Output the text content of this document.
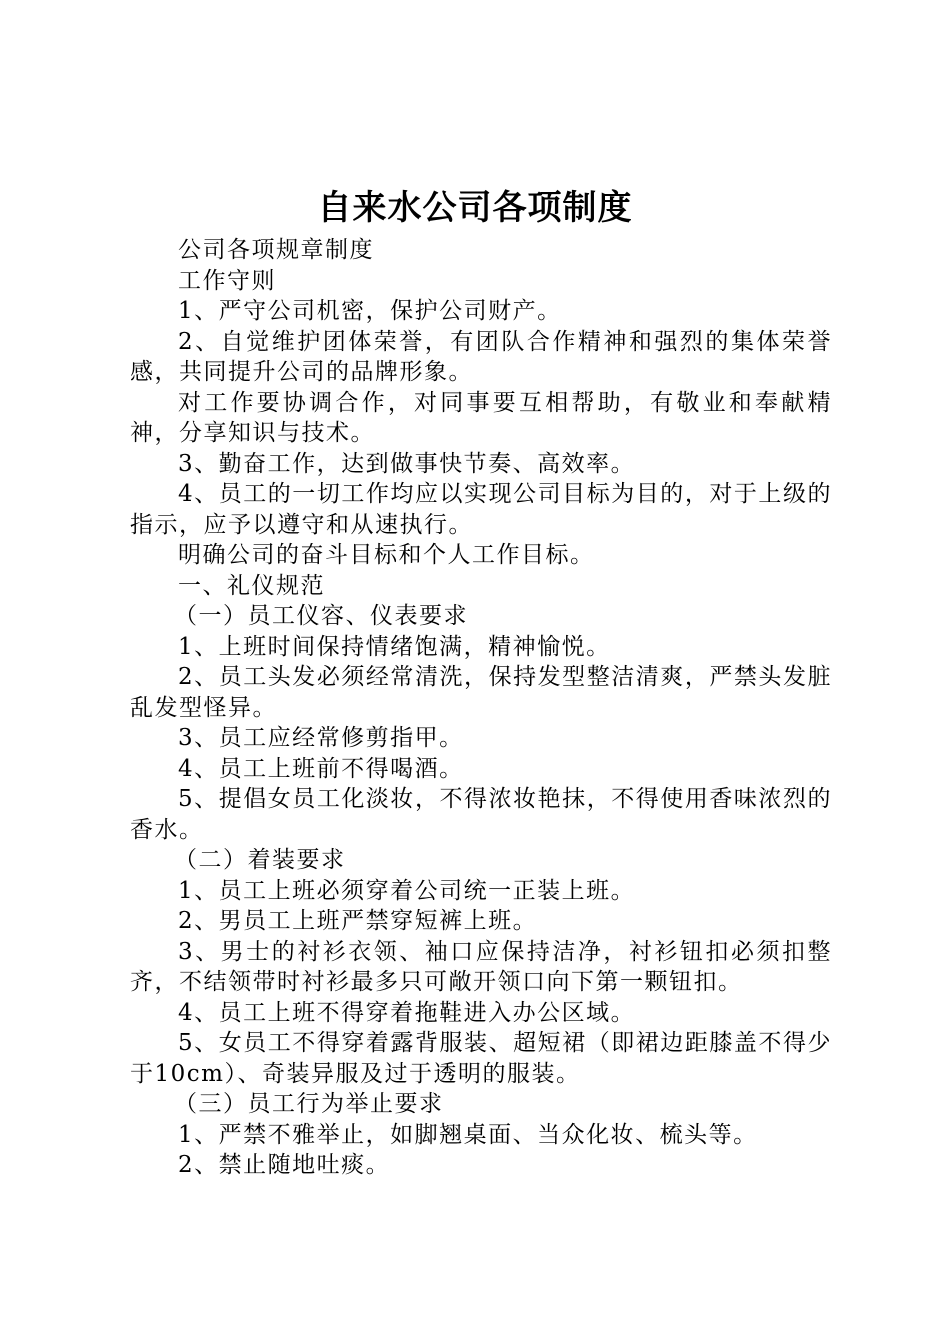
自来水公司各项制度

公司各项规章制度

工作守则

1、严守公司机密，保护公司财产。

2、自觉维护团体荣誉，有团队合作精神和强烈的集体荣誉感，共同提升公司的品牌形象。

对工作要协调合作，对同事要互相帮助，有敬业和奉献精神，分享知识与技术。

3、勤奋工作，达到做事快节奏、高效率。

4、员工的一切工作均应以实现公司目标为目的，对于上级的指示，应予以遵守和从速执行。

明确公司的奋斗目标和个人工作目标。

一、礼仪规范

（一）员工仪容、仪表要求

1、上班时间保持情绪饱满，精神愉悦。

2、员工头发必须经常清洗，保持发型整洁清爽，严禁头发脏乱发型怪异。

3、员工应经常修剪指甲。

4、员工上班前不得喝酒。

5、提倡女员工化淡妆，不得浓妆艳抹，不得使用香味浓烈的香水。

（二）着装要求

1、员工上班必须穿着公司统一正装上班。

2、男员工上班严禁穿短裤上班。

3、男士的衬衫衣领、袖口应保持洁净，衬衫钮扣必须扣整齐，不结领带时衬衫最多只可敞开领口向下第一颗钮扣。

4、员工上班不得穿着拖鞋进入办公区域。

5、女员工不得穿着露背服装、超短裙（即裙边距膝盖不得少于10cm）、奇装异服及过于透明的服装。

（三）员工行为举止要求

1、严禁不雅举止，如脚翘桌面、当众化妆、梳头等。

2、禁止随地吐痰。
